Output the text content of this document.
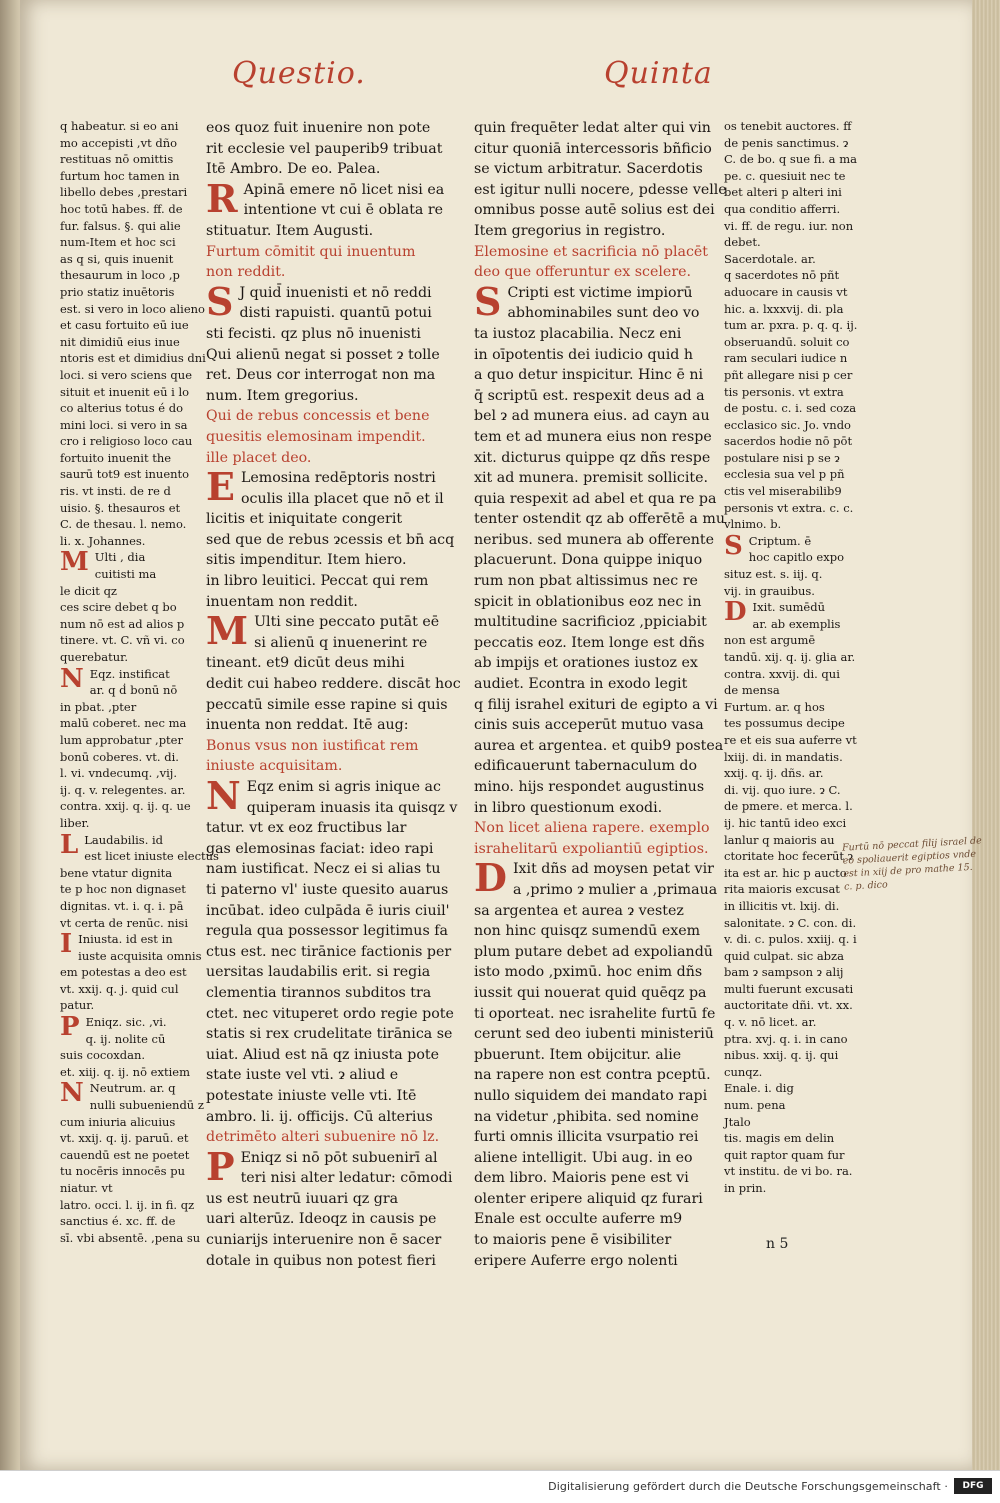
Questio.	Quinta

q habeatur. si eo ani

mo accepisti ,vt dño

restituas nō omittis

furtum hoc tamen in

libello debes ,prestari

hoc totū habes. ff. de

fur. falsus. §. qui alie

num-Item et hoc sci

as q si, quis inuenit

thesaurum in loco ,p

prio statiz inuētoris

est. si vero in loco alieno

et casu fortuito eū iue

nit dimidiū eius inue

ntoris est et dimidius dni

loci. si vero sciens que

situit et inuenit eū i lo

co alterius totus é do

mini loci. si vero in sa

cro i religioso loco cau

fortuito inuenit the

saurū tot9 est inuento

ris. vt insti. de re d

uisio. §. thesauros et

C. de thesau. l. nemo.

li. x. Johannes.

M Ulti , dia

cuitisti ma

le dicit qz

ces scire debet q bo

num nō est ad alios p

tinere. vt. C. vñ vi. co

querebatur.

N Eqz. instificat

ar. q ḋ bonū nō

in pbat. ,pter

malū coberet. nec ma

lum approbatur ,pter

bonū coberes. vt. di.

l. vi. vndecumq. ,vij.

ij. q. v. relegentes. ar.

contra. xxij. q. ij. q. ue

liber.

L Laudabilis. id

est licet iniuste electus

bene vtatur dignita

te p hoc non dignaset

dignitas. vt. i. q. i. pā

vt certa de renūc. nisi

I Iniusta. id est in

iuste acquisita omnis

em potestas a deo est

vt. xxij. q. j. quid cul

patur.

P Eniqz. sic. ,vi.

q. ij. nolite cū

suis cocoxdan.

et. xiij. q. ij. nō extiem

N Neutrum. ar. q

nulli subueniendū z

cum iniuria alicuius

vt. xxij. q. ij. paruū. et

cauendū est ne poetet

tu nocēris innocēs pu

niatur. vt

latro. occi. l. ij. in fi. qz

sanctius é. xc. ff. de

sī. vbi absentē. ,pena su

eos quoz fuit inuenire non pote

rit ecclesie vel pauperib9 tribuat

Itē Ambro. De eo. Palea.

R Apinā emere nō licet nisi ea

intentione vt cui ē oblata re

stituatur. Item Augusti.

Furtum cōmitit qui inuentum

non reddit.

S J quid̄ inuenisti et nō reddi

disti rapuisti. quantū potui

sti fecisti. qz plus nō inuenisti

Qui alienū negat si posset ɂ tolle

ret. Deus cor interrogat non ma

num. Item gregorius.

Qui de rebus concessis et bene

quesitis elemosinam impendit.

ille placet deo.

E Lemosina redēptoris nostri

oculis illa placet que nō et il

licitis et iniquitate congerit

sed que de rebus ɂcessis et bn̄ acq

sitis impenditur. Item hiero.

in libro leuitici. Peccat qui rem

inuentam non reddit.

M Ulti sine peccato putāt eē

si alienū q inuenerint re

tineant. et9 dicūt deus mihi

dedit cui habeo reddere. discāt hoc

peccatū simile esse rapine si quis

inuenta non reddat. Itē aug:

Bonus vsus non iustificat rem

iniuste acquisitam.

N Eqz enim si agris inique ac

quiperam inuasis ita quisqz v

tatur. vt ex eoz fructibus lar

gas elemosinas faciat: ideo rapi

nam iustificat. Necz ei si alias tu

ti paterno vl' iuste quesito auarus

incūbat. ideo culpāda ē iuris ciuil'

regula qua possessor legitimus fa

ctus est. nec tirānice factionis per

uersitas laudabilis erit. si regia

clementia tirannos subditos tra

ctet. nec vituperet ordo regie pote

statis si rex crudelitate tirānica se

uiat. Aliud est nā qz iniusta pote

state iuste vel vti. ɂ aliud e

potestate iniuste velle vti. Itē

ambro. li. ij. officijs. Cū alterius

detrimēto alteri subuenire nō lz.

P Eniqz si nō pōt subuenirī al

teri nisi alter ledatur: cōmodi

us est neutrū iuuari qz gra

uari alterūz. Ideoqz in causis pe

cuniarijs interuenire non ē sacer

dotale in quibus non potest fieri

quin frequēter ledat alter qui vin

citur quoniā intercessoris bñficio

se victum arbitratur. Sacerdotis

est igitur nulli nocere, pdesse velle

omnibus posse autē solius est dei

Item gregorius in registro.

Elemosine et sacrificia nō placēt

deo que offeruntur ex scelere.

S Cripti est victime impiorū

abhominabiles sunt deo vo

ta iustoz placabilia. Necz eni

in oīpotentis dei iudicio quid h

a quo detur inspicitur. Hinc ē ni

q̄ scriptū est. respexit deus ad a

bel ɂ ad munera eius. ad cayn au

tem et ad munera eius non respe

xit. dicturus quippe qz dñs respe

xit ad munera. premisit sollicite.

quia respexit ad abel et qua re pa

tenter ostendit qz ab offerētē a mu

neribus. sed munera ab offerente

placuerunt. Dona quippe iniquo

rum non pbat altissimus nec re

spicit in oblationibus eoz nec in

multitudine sacrificioz ,ppiciabit

peccatis eoz. Item longe est dñs

ab impijs et orationes iustoz ex

audiet. Econtra in exodo legit

q filij israhel exituri de egipto a vi

cinis suis acceperūt mutuo vasa

aurea et argentea. et quib9 postea

edificauerunt tabernaculum do

mino. hijs respondet augustinus

in libro questionum exodi.

Non licet aliena rapere. exemplo

israhelitarū expoliantiū egiptios.

D Ixit dñs ad moysen petat vir

a ,primo ɂ mulier a ,primaua

sa argentea et aurea ɂ vestez

non hinc quisqz sumendū exem

plum putare debet ad expoliandū

isto modo ,pximū. hoc enim dñs

iussit qui nouerat quid quēqz pa

ti oporteat. nec israhelite furtū fe

cerunt sed deo iubenti ministeriū

pbuerunt. Item obijcitur. alie

na rapere non est contra pceptū.

nullo siquidem dei mandato rapi

na videtur ,phibita. sed nomine

furti omnis illicita vsurpatio rei

aliene intelligit. Ubi aug. in eo

dem libro. Maioris pene est vi

olenter eripere aliquid qz furari

Enale est occulte auferre m9

to maioris pene ē visibiliter

eripere Auferre ergo nolenti

os tenebit auctores. ff

de penis sanctimus. ɂ

C. de bo. q sue fi. a ma

pe. c. quesiuit nec te

bet alteri p alteri ini

qua conditio afferri.

vi. ff. de regu. iur. non

debet.

Sacerdotale. ar.

q sacerdotes nō pñt

aduocare in causis vt

hic. a. lxxxvij. di. pla

tum ar. pxra. p. q. q. ij.

obseruandū. soluit co

ram seculari iudice n

pñt allegare nisi p cer

tis personis. vt extra

de postu. c. i. sed coza

ecclasico sic. Jo. vndo

sacerdos hodie nō pōt

postulare nisi p se ɂ

ecclesia sua vel p pñ

ctis vel miserabilib9

personis vt extra. c. c.

vlnimo. b.

S Criptum. ē

hoc capitlo expo

situz est. s. iij. q.

vij. in grauibus.

D Ixit. sumēdū

ar. ab exemplis

non est argumē

tandū. xij. q. ij. glia ar.

contra. xxvij. di. qui

de mensa

Furtum. ar. q hos

tes possumus decipe

re et eis sua auferre vt

lxiij. di. in mandatis.

xxij. q. ij. dñs. ar.

di. vij. quo iure. ɂ C.

de pmere. et merca. l.

ij. hic tantū ideo exci

lanlur q maioris au

ctoritate hoc fecerūt ɂ

ita est ar. hic p aucto

rita maioris excusat

in illicitis vt. lxij. di.

salonitate. ɂ C. con. di.

v. di. c. pulos. xxiij. q. i

quid culpat. sic abza

bam ɂ sampson ɂ alij

multi fuerunt excusati

auctoritate dñi. vt. xx.

q. v. nō licet. ar.

ptra. xvj. q. i. in cano

nibus. xxij. q. ij. qui

cunqz.

Enale. i. dig

num. pena

Jtalo

tis. magis em delin

quit raptor quam fur

vt institu. de vi bo. ra.

in prin.

Furtū nō peccat filij israel de eo spoliauerit egiptios vnde est in xiij de pro mathe 15. c. p. dico
n 5
Digitalisierung gefördert durch die Deutsche Forschungsgemeinschaft ·	DFG
